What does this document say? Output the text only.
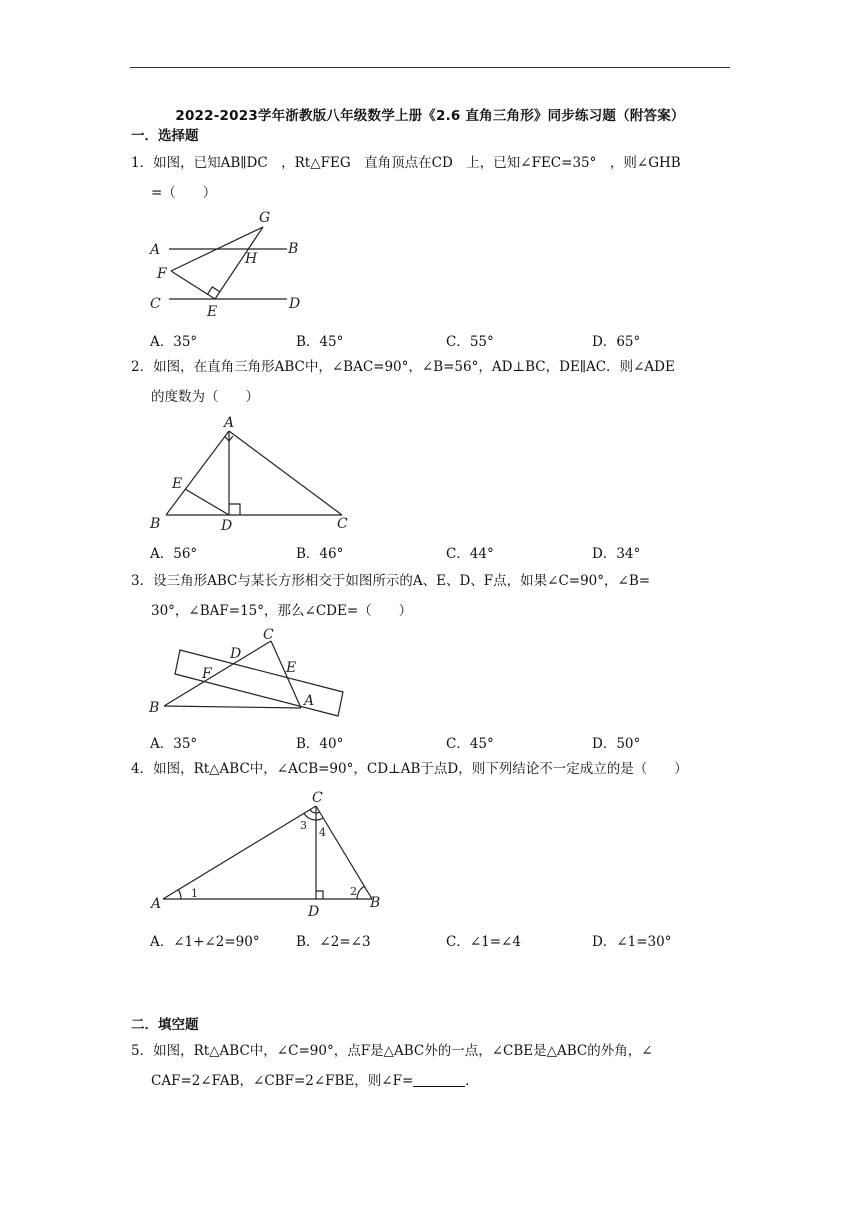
2022-2023学年浙教版八年级数学上册《2.6 直角三角形》同步练习题（附答案）
一．选择题
1．如图，已知AB∥DC　，Rt△FEG　直角顶点在CD　上，已知∠FEC=35°　，则∠GHB
=（　　）
G
A	B
H
F
C	D
E
A．35°	B．45°	C．55°	D．65°
2．如图，在直角三角形ABC中，∠BAC=90°，∠B=56°，AD⊥BC，DE∥AC．则∠ADE
的度数为（　　）
A
E
B	D	C
A．56°	B．46°	C．44°	D．34°
3．设三角形ABC与某长方形相交于如图所示的A、E、D、F点，如果∠C=90°，∠B=
30°，∠BAF=15°，那么∠CDE=（　　）
C
D
E
F
A
B
A．35°	B．40°	C．45°	D．50°
4．如图，Rt△ABC中，∠ACB=90°，CD⊥AB于点D，则下列结论不一定成立的是（　　）
C
3
4
1	2
A	D
B
A．∠1+∠2=90°	B．∠2=∠3	C．∠1=∠4	D．∠1=30°
二．填空题
5．如图，Rt△ABC中，∠C=90°，点F是△ABC外的一点，∠CBE是△ABC的外角，∠
CAF=2∠FAB，∠CBF=2∠FBE，则∠F=	．
